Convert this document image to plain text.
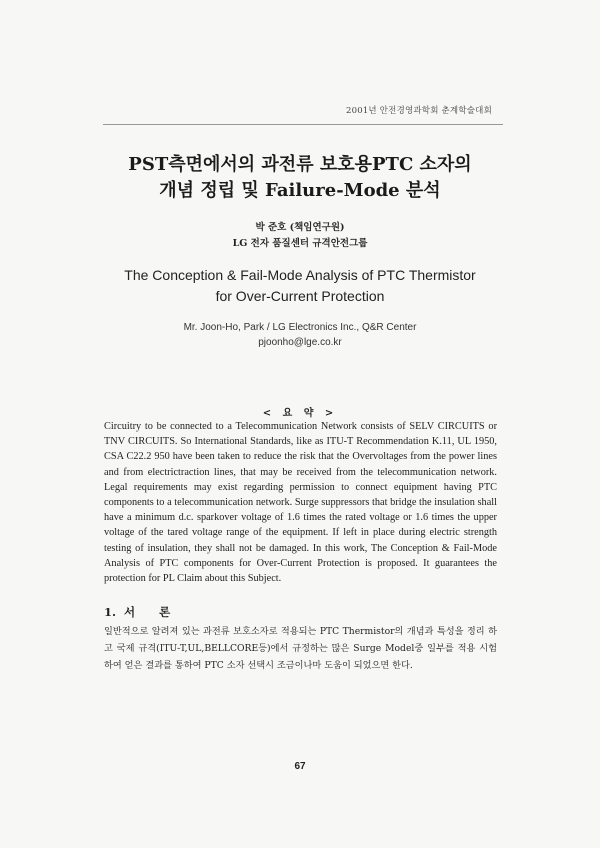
2001년 안전경영과학회 춘계학술대회
PST측면에서의 과전류 보호용PTC 소자의
개념 정립 및 Failure-Mode 분석
박 준호 (책임연구원)
LG 전자 품질센터 규격안전그룹
The Conception & Fail-Mode Analysis of PTC Thermistor
for Over-Current Protection
Mr. Joon-Ho, Park / LG Electronics Inc., Q&R Center
pjoonho@lge.co.kr
< 요 약 >
Circuitry to be connected to a Telecommunication Network consists of SELV CIRCUITS or TNV CIRCUITS. So International Standards, like as ITU-T Recommendation K.11, UL 1950, CSA C22.2 950 have been taken to reduce the risk that the Overvoltages from the power lines and from electrictraction lines, that may be received from the telecommunication network. Legal requirements may exist regarding permission to connect equipment having PTC components to a telecommunication network. Surge suppressors that bridge the insulation shall have a minimum d.c. sparkover voltage of 1.6 times the rated voltage or 1.6 times the upper voltage of the tared voltage range of the equipment. If left in place during electric strength testing of insulation, they shall not be damaged. In this work, The Conception & Fail-Mode Analysis of PTC components for Over-Current Protection is proposed. It guarantees the protection for PL Claim about this Subject.
1. 서 론
일반적으로 알려져 있는 과전류 보호소자로 적용되는 PTC Thermistor의 개념과 특성을 정리 하고 국제 규격(ITU-T,UL,BELLCORE등)에서 규정하는 많은 Surge Model중 일부를 적용 시험하여 얻은 결과를 통하여 PTC 소자 선택시 조금이나마 도움이 되었으면 한다.
67
